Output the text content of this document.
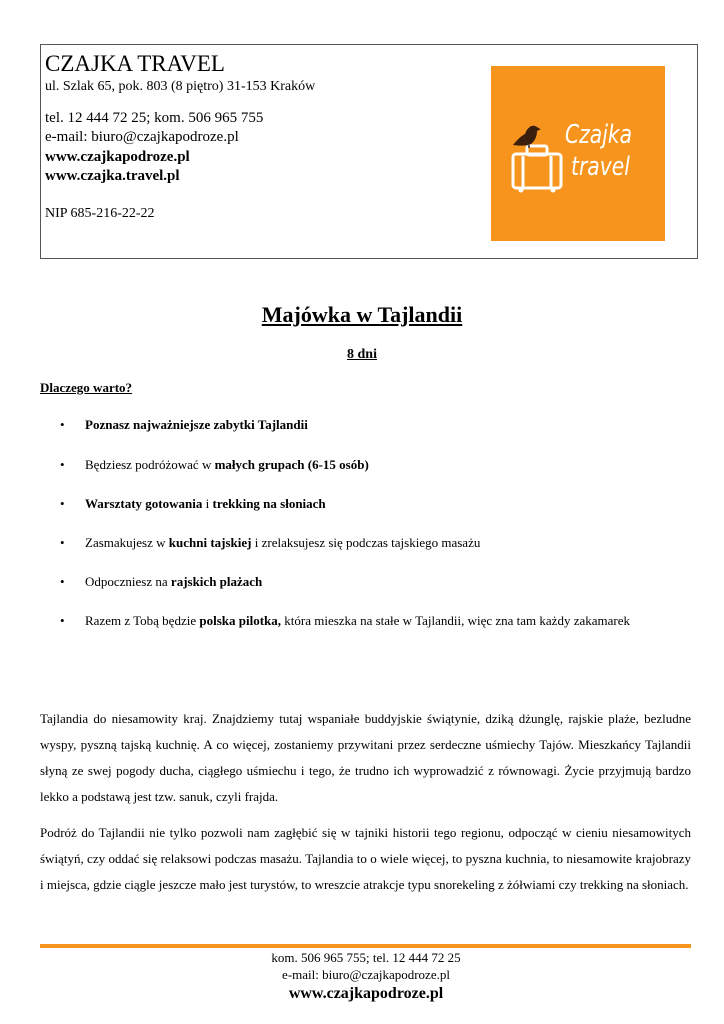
CZAJKA TRAVEL
ul. Szlak 65, pok. 803 (8 piętro) 31-153 Kraków
tel. 12 444 72 25; kom. 506 965 755
e-mail: biuro@czajkapodroze.pl
www.czajkapodroze.pl
www.czajka.travel.pl
NIP 685-216-22-22
Czajka
travel
Majówka w Tajlandii
8 dni
Dlaczego warto?
•	Poznasz najważniejsze zabytki Tajlandii
•	Będziesz podróżować w małych grupach (6-15 osób)
•	Warsztaty gotowania i trekking na słoniach
•	Zasmakujesz w kuchni tajskiej i zrelaksujesz się podczas tajskiego masażu
•	Odpoczniesz na rajskich plażach
•	Razem z Tobą będzie polska pilotka, która mieszka na stałe w Tajlandii, więc zna tam każdy zakamarek
Tajlandia do niesamowity kraj. Znajdziemy tutaj wspaniałe buddyjskie świątynie, dziką dżunglę, rajskie plaże, bezludne wyspy, pyszną tajską kuchnię. A co więcej, zostaniemy przywitani przez serdeczne uśmiechy Tajów. Mieszkańcy Tajlandii słyną ze swej pogody ducha, ciągłego uśmiechu i tego, że trudno ich wyprowadzić z równowagi. Życie przyjmują bardzo lekko a podstawą jest tzw. sanuk, czyli frajda.
Podróż do Tajlandii nie tylko pozwoli nam zagłębić się w tajniki historii tego regionu, odpocząć w cieniu niesamowitych świątyń, czy oddać się relaksowi podczas masażu. Tajlandia to o wiele więcej, to pyszna kuchnia, to niesamowite krajobrazy i miejsca, gdzie ciągle jeszcze mało jest turystów, to wreszcie atrakcje typu snorekeling z żółwiami czy trekking na słoniach.
kom. 506 965 755; tel. 12 444 72 25
e-mail: biuro@czajkapodroze.pl
www.czajkapodroze.pl
